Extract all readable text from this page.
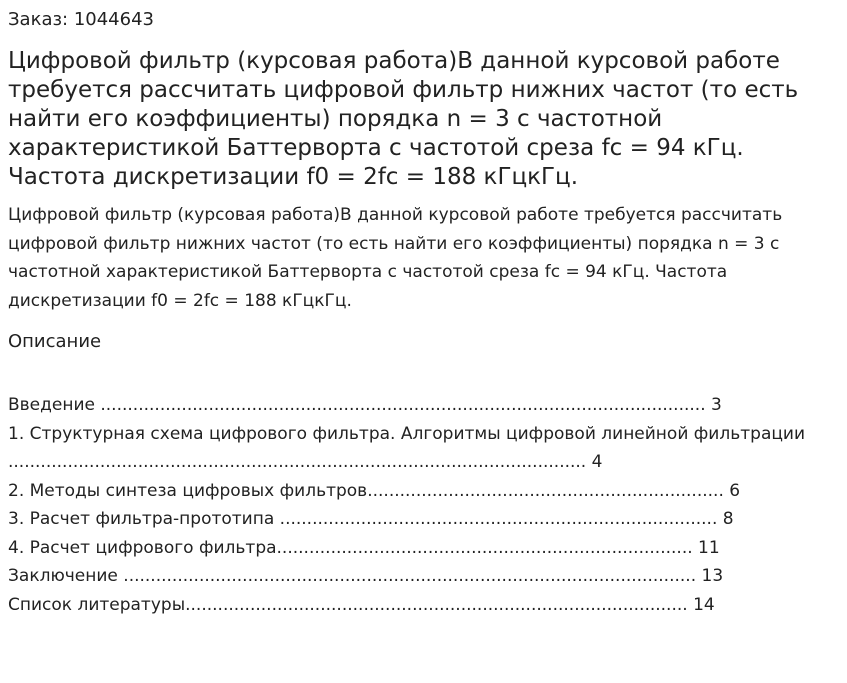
Заказ: 1044643
Цифровой фильтр (курсовая работа)В данной курсовой работе требуется рассчитать цифровой фильтр нижних частот (то есть найти его коэффициенты) порядка n = 3 с частотной характеристикой Баттерворта с частотой среза fc = 94 кГц. Частота дискретизации f0 = 2fc = 188 кГцкГц.

Цифровой фильтр (курсовая работа)В данной курсовой работе требуется рассчитать цифровой фильтр нижних частот (то есть найти его коэффициенты) порядка n = 3 с частотной характеристикой Баттерворта с частотой среза fc = 94 кГц. Частота дискретизации f0 = 2fc = 188 кГцкГц.

Описание
Введение ................................................................................................................ 3
1. Структурная схема цифрового фильтра. Алгоритмы цифровой линейной фильтрации
........................................................................................................... 4
2. Методы синтеза цифровых фильтров.................................................................. 6
3. Расчет фильтра-прототипа ................................................................................. 8
4. Расчет цифрового фильтра............................................................................. 11
Заключение .......................................................................................................... 13
Список литературы............................................................................................. 14
